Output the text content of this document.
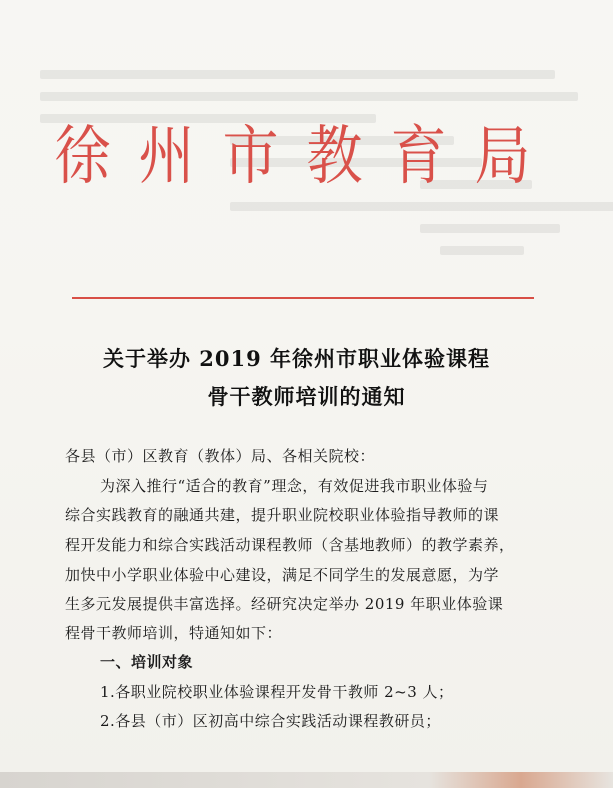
徐州市教育局
关于举办 2019 年徐州市职业体验课程
骨干教师培训的通知
各县（市）区教育（教体）局、各相关院校：
为深入推行“适合的教育”理念，有效促进我市职业体验与
综合实践教育的融通共建，提升职业院校职业体验指导教师的课
程开发能力和综合实践活动课程教师（含基地教师）的教学素养，
加快中小学职业体验中心建设，满足不同学生的发展意愿，为学
生多元发展提供丰富选择。经研究决定举办 2019 年职业体验课
程骨干教师培训，特通知如下：
一、培训对象
1.各职业院校职业体验课程开发骨干教师 2~3 人；
2.各县（市）区初高中综合实践活动课程教研员；
